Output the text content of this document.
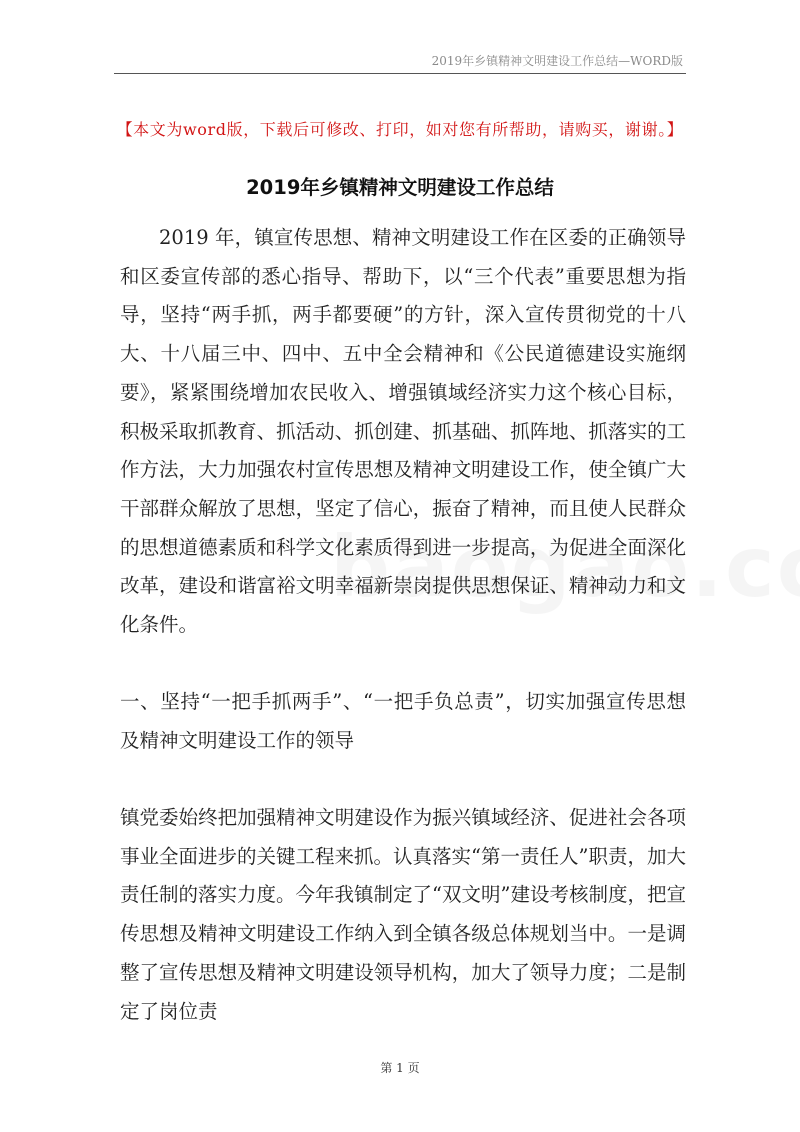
2019年乡镇精神文明建设工作总结—WORD版
【本文为word版，下载后可修改、打印，如对您有所帮助，请购买，谢谢。】
2019年乡镇精神文明建设工作总结

2019 年，镇宣传思想、精神文明建设工作在区委的正确领导和区委宣传部的悉心指导、帮助下，以“三个代表”重要思想为指导，坚持“两手抓，两手都要硬”的方针，深入宣传贯彻党的十八大、十八届三中、四中、五中全会精神和《公民道德建设实施纲要》，紧紧围绕增加农民收入、增强镇域经济实力这个核心目标，积极采取抓教育、抓活动、抓创建、抓基础、抓阵地、抓落实的工作方法，大力加强农村宣传思想及精神文明建设工作，使全镇广大干部群众解放了思想，坚定了信心，振奋了精神，而且使人民群众的思想道德素质和科学文化素质得到进一步提高，为促进全面深化改革，建设和谐富裕文明幸福新崇岗提供思想保证、精神动力和文化条件。

一、坚持“一把手抓两手”、“一把手负总责”，切实加强宣传思想及精神文明建设工作的领导

镇党委始终把加强精神文明建设作为振兴镇域经济、促进社会各项事业全面进步的关键工程来抓。认真落实“第一责任人”职责，加大责任制的落实力度。今年我镇制定了“双文明”建设考核制度，把宣传思想及精神文明建设工作纳入到全镇各级总体规划当中。一是调整了宣传思想及精神文明建设领导机构，加大了领导力度；二是制定了岗位责

第 1 页
